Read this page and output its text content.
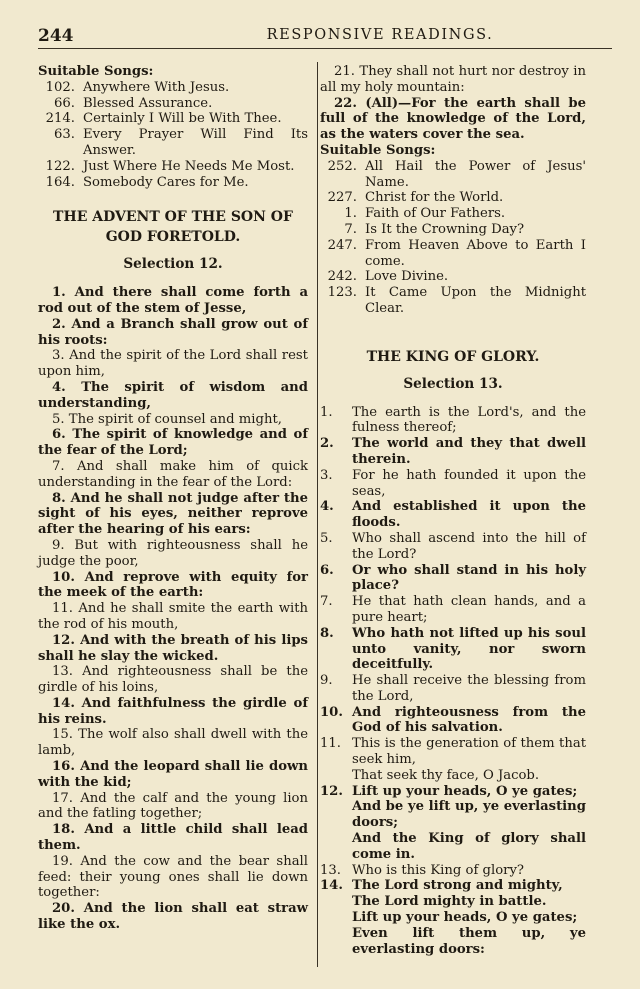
244	RESPONSIVE READINGS.
Suitable Songs:
102. Anywhere With Jesus.
66. Blessed Assurance.
214. Certainly I Will be With Thee.
63. Every Prayer Will Find Its Answer.
122. Just Where He Needs Me Most.
164. Somebody Cares for Me.
THE ADVENT OF THE SON OF GOD FORETOLD.
Selection 12.
1. And there shall come forth a rod out of the stem of Jesse,
2. And a Branch shall grow out of his roots:
3. And the spirit of the Lord shall rest upon him,
4. The spirit of wisdom and understanding,
5. The spirit of counsel and might,
6. The spirit of knowledge and of the fear of the Lord;
7. And shall make him of quick understanding in the fear of the Lord:
8. And he shall not judge after the sight of his eyes, neither reprove after the hearing of his ears:
9. But with righteousness shall he judge the poor,
10. And reprove with equity for the meek of the earth:
11. And he shall smite the earth with the rod of his mouth,
12. And with the breath of his lips shall he slay the wicked.
13. And righteousness shall be the girdle of his loins,
14. And faithfulness the girdle of his reins.
15. The wolf also shall dwell with the lamb,
16. And the leopard shall lie down with the kid;
17. And the calf and the young lion and the fatling together;
18. And a little child shall lead them.
19. And the cow and the bear shall feed: their young ones shall lie down together:
20. And the lion shall eat straw like the ox.
21. They shall not hurt nor destroy in all my holy mountain:
22. (All)—For the earth shall be full of the knowledge of the Lord, as the waters cover the sea.
Suitable Songs:
252. All Hail the Power of Jesus' Name.
227. Christ for the World.
1. Faith of Our Fathers.
7. Is It the Crowning Day?
247. From Heaven Above to Earth I come.
242. Love Divine.
123. It Came Upon the Midnight Clear.
THE KING OF GLORY.
Selection 13.
1.	The earth is the Lord's, and the fulness thereof;
2.	The world and they that dwell therein.
3.	For he hath founded it upon the seas,
4.	And established it upon the floods.
5.	Who shall ascend into the hill of the Lord?
6.	Or who shall stand in his holy place?
7.	He that hath clean hands, and a pure heart;
8.	Who hath not lifted up his soul unto vanity, nor sworn deceitfully.
9.	He shall receive the blessing from the Lord,
10. And righteousness from the God of his salvation.
11. This is the generation of them that seek him,
That seek thy face, O Jacob.
12. Lift up your heads, O ye gates;
And be ye lift up, ye everlasting doors;
And the King of glory shall come in.
13. Who is this King of glory?
14. The Lord strong and mighty,
The Lord mighty in battle.
Lift up your heads, O ye gates;
Even lift them up, ye everlasting doors:
